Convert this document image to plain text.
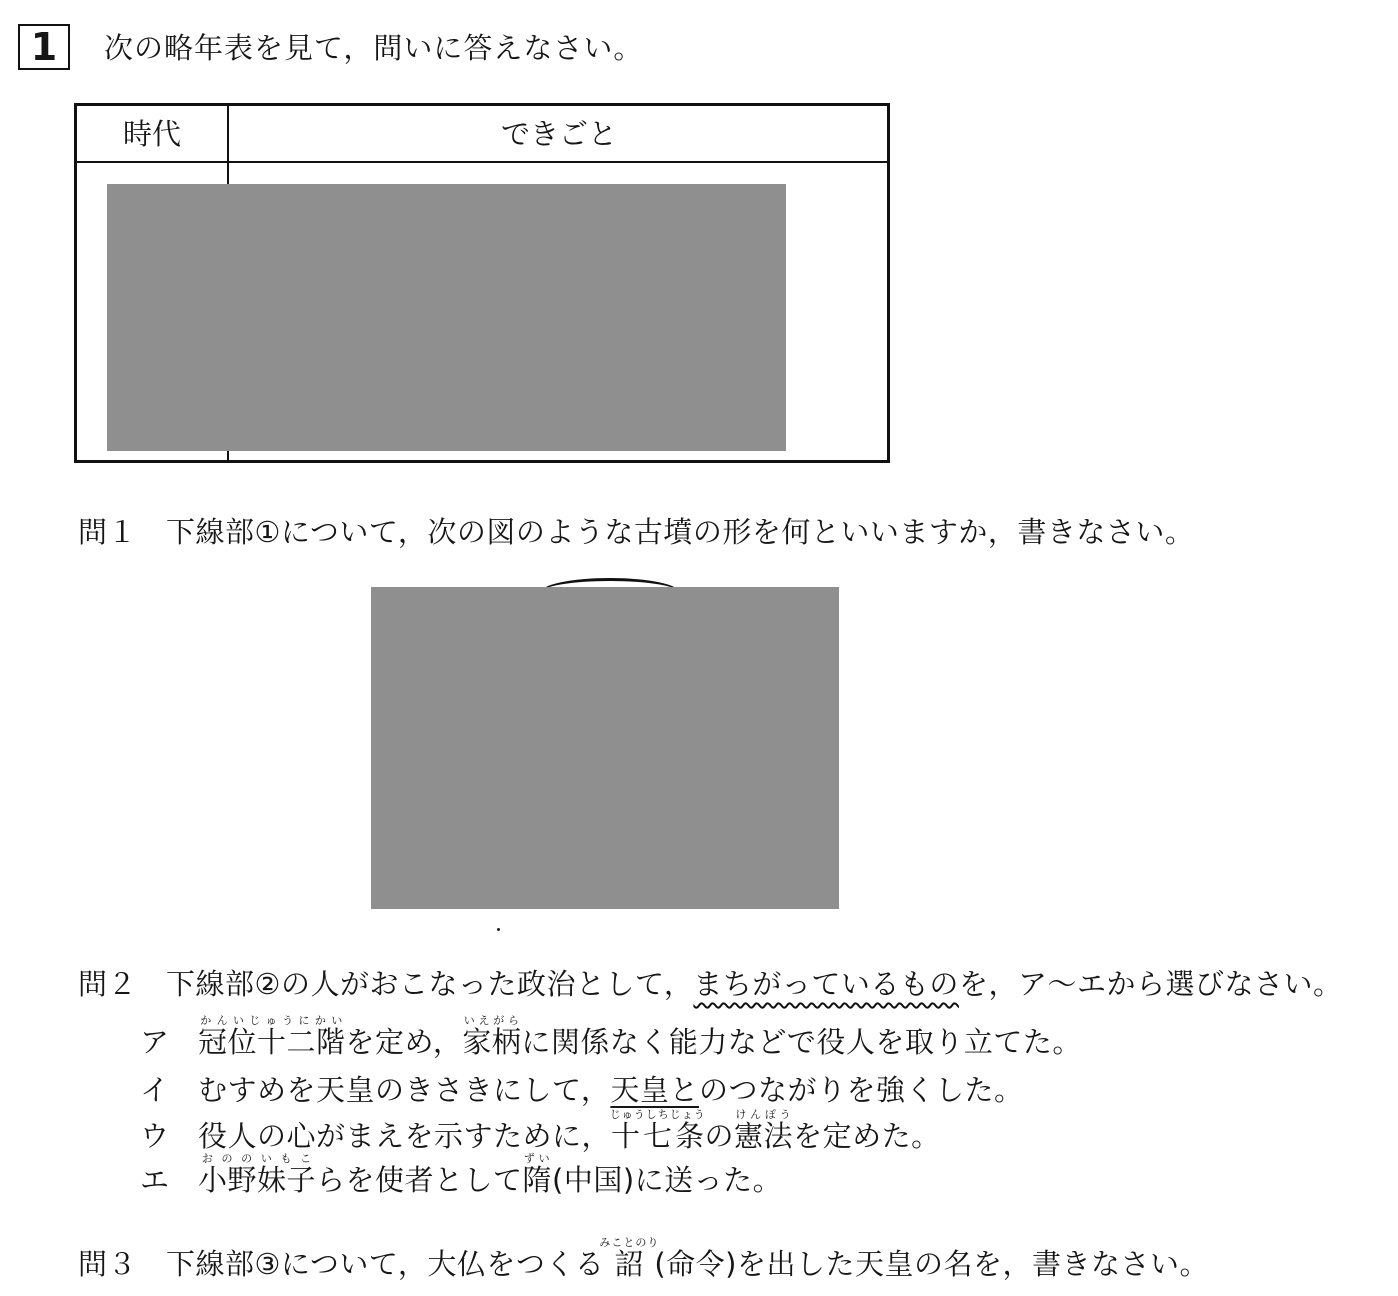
1 次の略年表を見て，問いに答えなさい。
時代	できごと
問１ 下線部①について，次の図のような古墳の形を何といいますか，書きなさい。
問２ 下線部②の人がおこなった政治として，まちがっているものを，ア～エから選びなさい。
ア 冠位十二階かんいじゅうにかいを定め，家柄いえがらに関係なく能力などで役人を取り立てた。
イ むすめを天皇のきさきにして，天皇とのつながりを強くした。
ウ 役人の心がまえを示すために，十七条じゅうしちじょうの憲法けんぽうを定めた。
エ 小野妹子おののいもこらを使者として隋ずい(中国)に送った。
問３ 下線部③について，大仏をつくる詔みことのり(命令)を出した天皇の名を，書きなさい。
